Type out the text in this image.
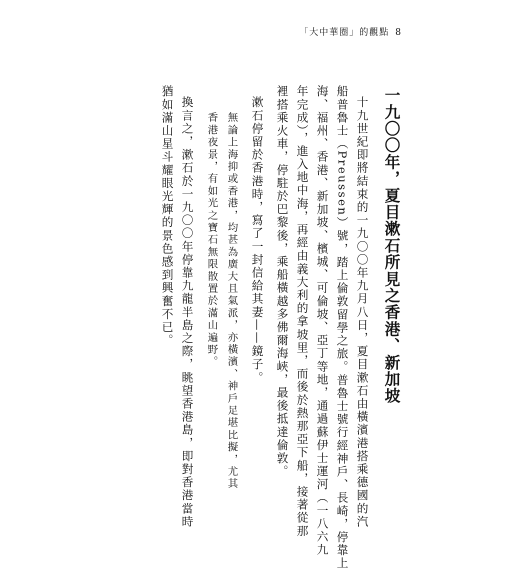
「大中華圈」的觀點 8
一九〇〇年，夏目漱石所見之香港、新加坡
十九世紀即將結束的一九〇〇年九月八日，夏目漱石由橫濱港搭乘德國的汽
船普魯士（Preussen）號，踏上倫敦留學之旅。普魯士號行經神戶、長崎，停靠上
海、福州、香港、新加坡、檳城、可倫坡、亞丁等地，通過蘇伊士運河（一八六九
年完成），進入地中海，再經由義大利的拿坡里，而後於熱那亞下船，接著從那
裡搭乘火車，停駐於巴黎後，乘船橫越多佛爾海峽，最後抵達倫敦。
漱石停留於香港時，寫了一封信給其妻——鏡子。
無論上海抑或香港，均甚為廣大且氣派，亦橫濱、神戶足堪比擬，尤其
香港夜景，有如光之寶石無限散置於滿山遍野。
換言之，漱石於一九〇〇年停靠九龍半島之際，眺望香港島，即對香港當時
猶如滿山星斗耀眼光輝的景色感到興奮不已。
